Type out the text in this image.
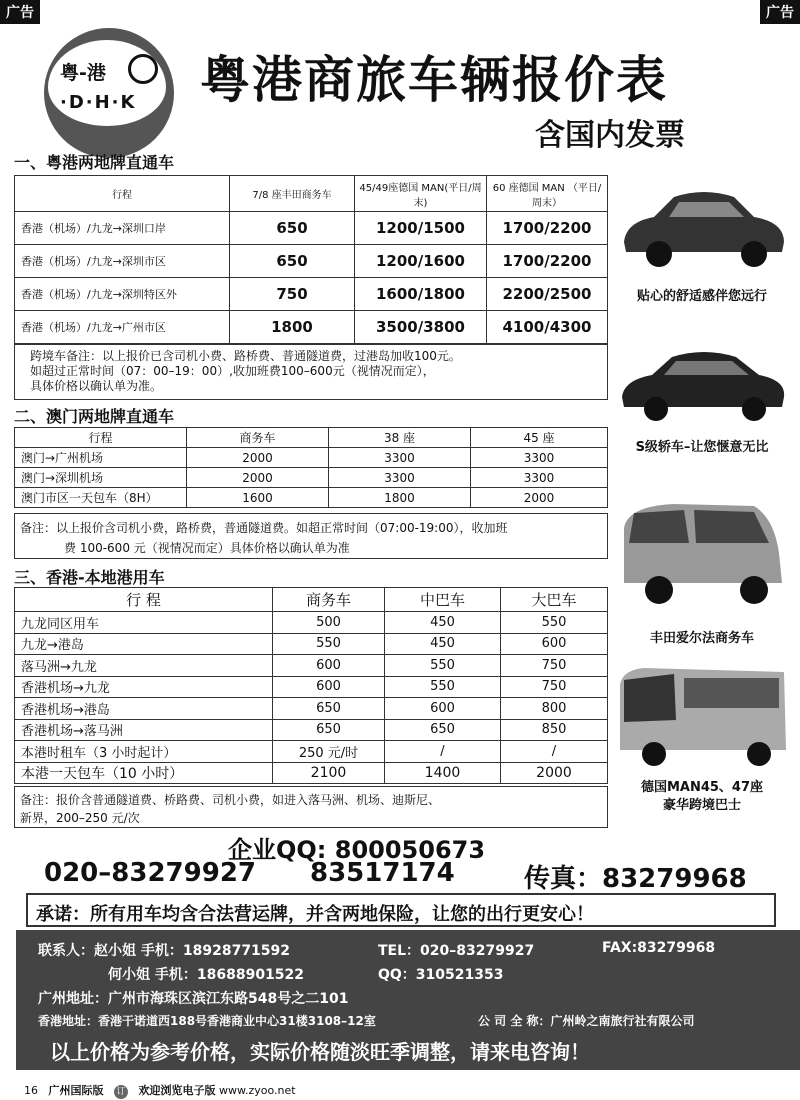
广告	广告
粤-港
·D·H·K 粤港商旅车辆报价表
含国内发票
一、粤港两地牌直通车
行程	7/8 座丰田商务车	45/49座德国 MAN(平日/周末)	60 座德国 MAN （平日/周末）
香港（机场）/九龙→深圳口岸	650	1200/1500	1700/2200
香港（机场）/九龙→深圳市区	650	1200/1600	1700/2200
香港（机场）/九龙→深圳特区外	750	1600/1800	2200/2500
香港（机场）/九龙→广州市区	1800	3500/3800	4100/4300
跨境车备注：以上报价已含司机小费、路桥费、普通隧道费，过港岛加收100元。
如超过正常时间（07：00–19：00）,收加班费100–600元（视情况而定），
具体价格以确认单为准。
二、澳门两地牌直通车
行程	商务车	38 座	45 座
澳门→广州机场	2000	3300	3300
澳门→深圳机场	2000	3300	3300
澳门市区一天包车（8H）	1600	1800	2000
备注：以上报价含司机小费，路桥费，普通隧道费。如超正常时间（07:00-19:00），收加班
费 100-600 元（视情况而定）具体价格以确认单为准
三、香港-本地港用车
行 程	商务车	中巴车	大巴车
九龙同区用车	500	450	550
九龙→港岛	550	450	600
落马洲→九龙	600	550	750
香港机场→九龙	600	550	750
香港机场→港岛	650	600	800
香港机场→落马洲	650	650	850
本港时租车（3 小时起计）	250 元/时	/	/
本港一天包车（10 小时）	2100	1400	2000
备注：报价含普通隧道费、桥路费、司机小费，如进入落马洲、机场、迪斯尼、
新界，200–250 元/次
贴心的舒适感伴您远行
S级轿车–让您惬意无比
丰田爱尔法商务车
德国MAN45、47座
豪华跨境巴士
企业QQ: 800050673
020–83279927 83517174	传真：83279968
承诺：所有用车均含合法营运牌，并含两地保险，让您的出行更安心！
联系人：赵小姐 手机：18928771592	TEL：020–83279927	FAX:83279968
何小姐 手机：18688901522	QQ：310521353
广州地址：广州市海珠区滨江东路548号之二101
香港地址：香港干诺道西188号香港商业中心31楼3108–12室	公 司 全 称：广州岭之南旅行社有限公司
以上价格为参考价格，实际价格随淡旺季调整，请来电咨询！
16 广州国际版 订 欢迎浏览电子版 www.zyoo.net
